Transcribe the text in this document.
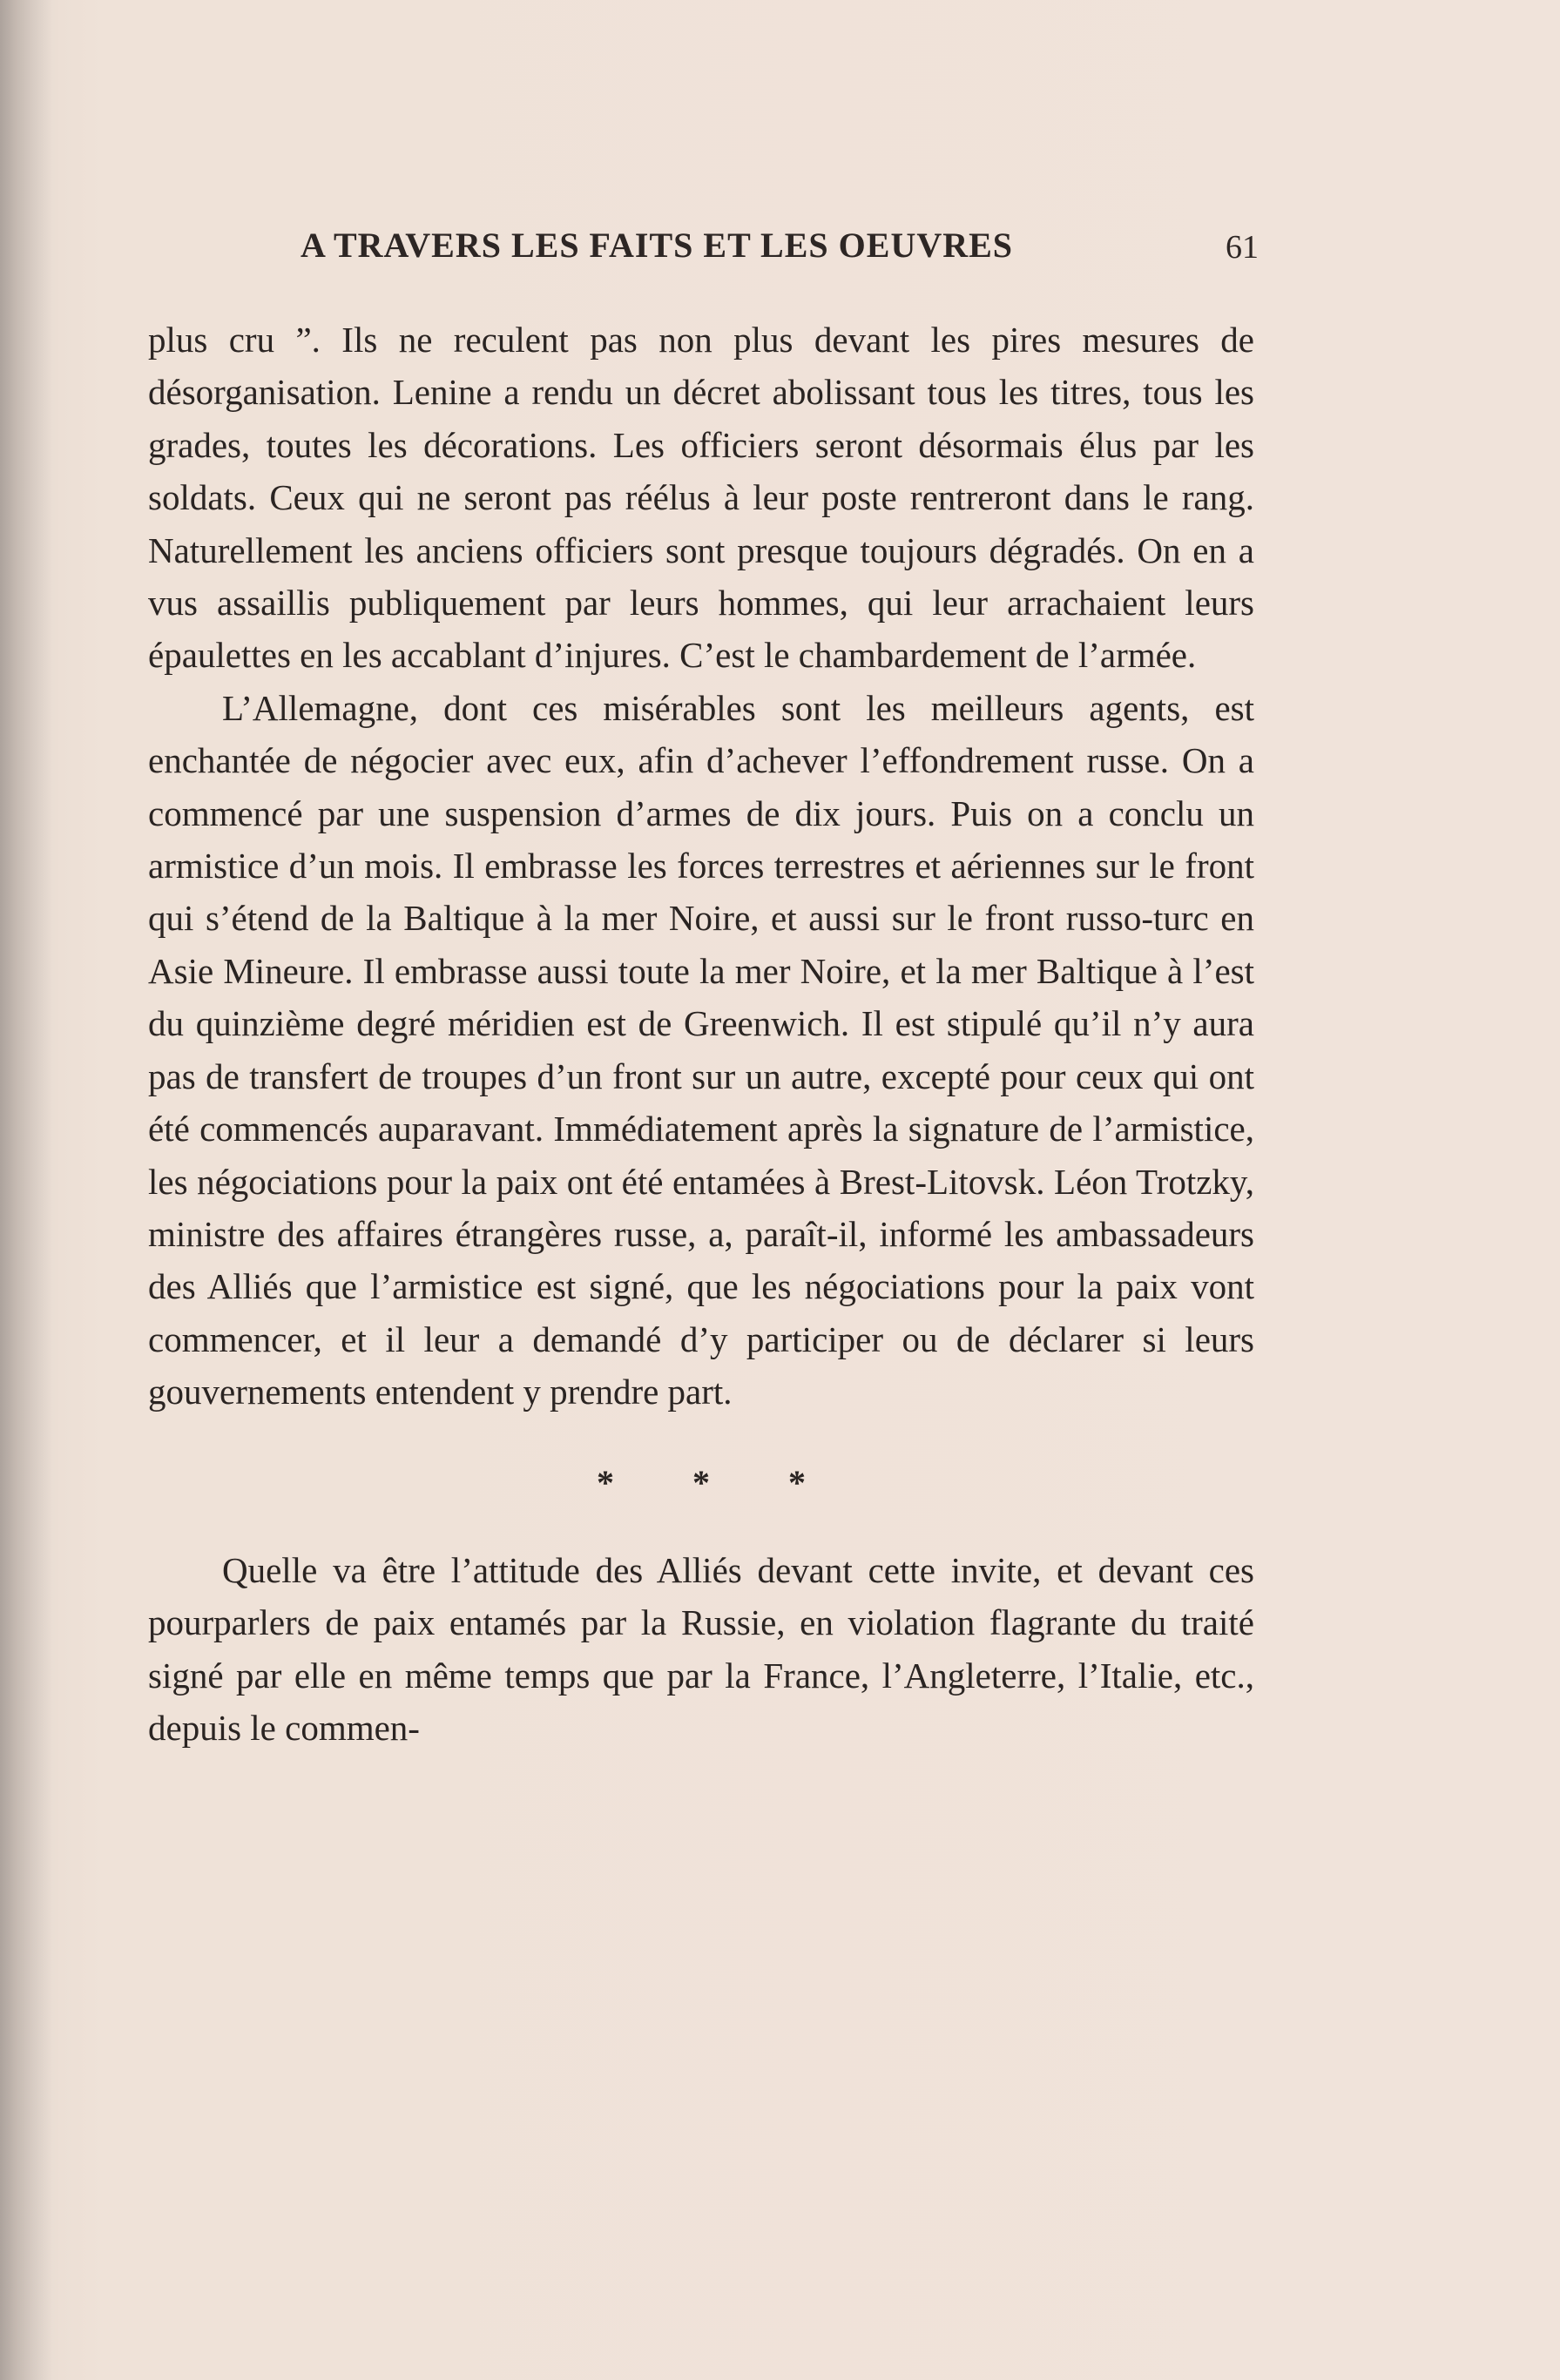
A TRAVERS LES FAITS ET LES OEUVRES	61

plus cru ”. Ils ne reculent pas non plus devant les pires mesures de désorganisation. Lenine a rendu un décret abolissant tous les titres, tous les grades, toutes les décorations. Les officiers seront désormais élus par les soldats. Ceux qui ne seront pas réélus à leur poste rentreront dans le rang. Naturellement les anciens officiers sont presque toujours dégradés. On en a vus assaillis publiquement par leurs hommes, qui leur arrachaient leurs épaulettes en les accablant d’injures. C’est le chambardement de l’armée.

L’Allemagne, dont ces misérables sont les meilleurs agents, est enchantée de négocier avec eux, afin d’achever l’effondrement russe. On a commencé par une suspension d’armes de dix jours. Puis on a conclu un armistice d’un mois. Il embrasse les forces terrestres et aériennes sur le front qui s’étend de la Baltique à la mer Noire, et aussi sur le front russo-turc en Asie Mineure. Il embrasse aussi toute la mer Noire, et la mer Baltique à l’est du quinzième degré méridien est de Greenwich. Il est stipulé qu’il n’y aura pas de transfert de troupes d’un front sur un autre, excepté pour ceux qui ont été commencés auparavant. Immédiatement après la signature de l’armistice, les négociations pour la paix ont été entamées à Brest-Litovsk. Léon Trotzky, ministre des affaires étrangères russe, a, paraît-il, informé les ambassadeurs des Alliés que l’armistice est signé, que les négociations pour la paix vont commencer, et il leur a demandé d’y participer ou de déclarer si leurs gouvernements entendent y prendre part.

* * *

Quelle va être l’attitude des Alliés devant cette invite, et devant ces pourparlers de paix entamés par la Russie, en violation flagrante du traité signé par elle en même temps que par la France, l’Angleterre, l’Italie, etc., depuis le commen-
